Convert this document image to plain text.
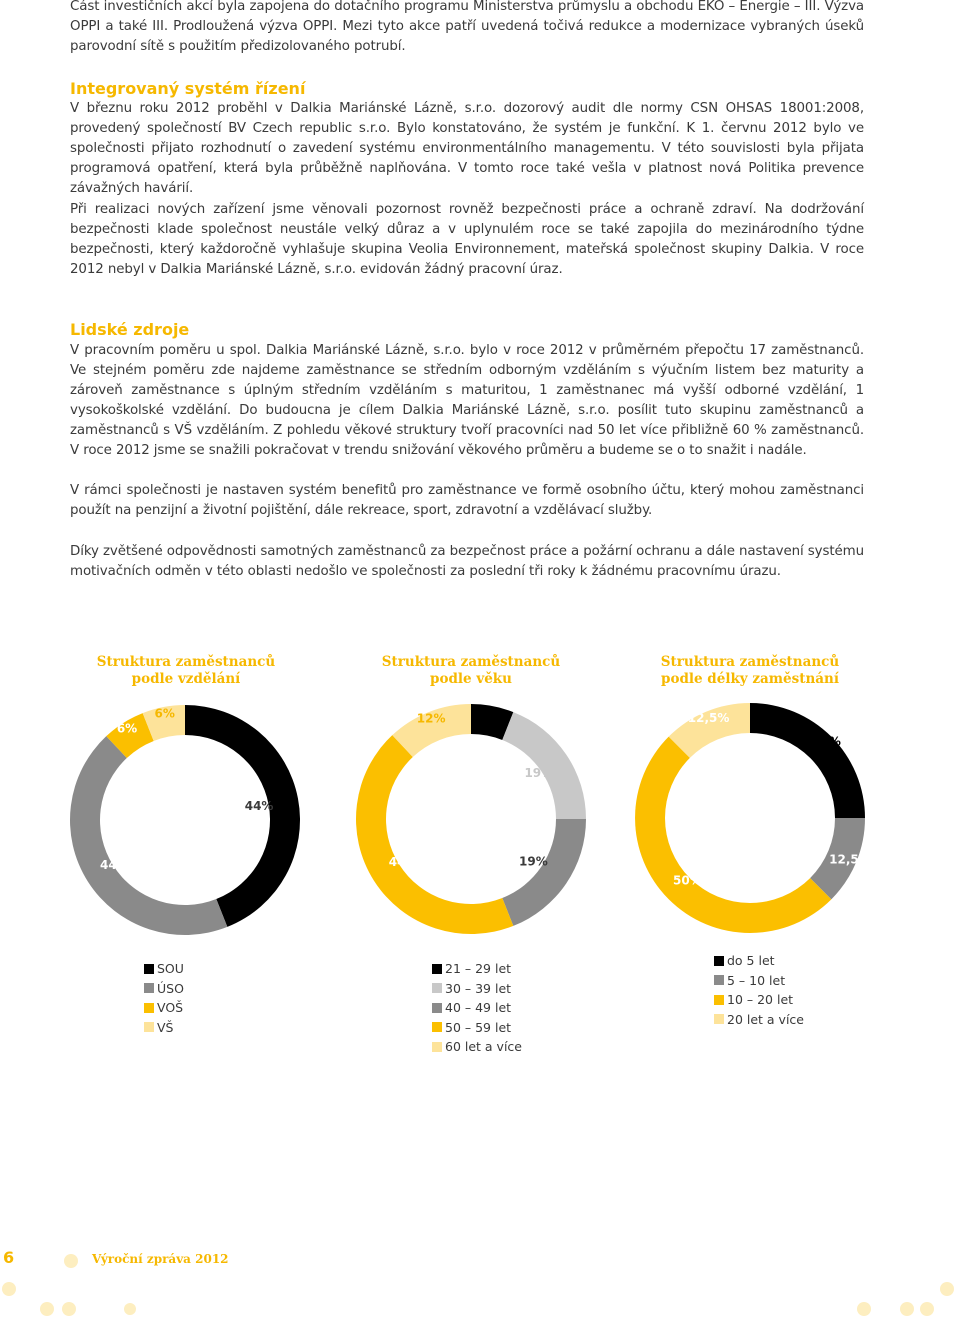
Část investičních akcí byla zapojena do dotačního programu Ministerstva průmyslu a obchodu EKO – Energie – III. Výzva OPPI a také III. Prodloužená výzva OPPI. Mezi tyto akce patří uvedená točivá redukce a modernizace vybraných úseků parovodní sítě s použitím předizolovaného potrubí.

Integrovaný systém řízení

V březnu roku 2012 proběhl v Dalkia Mariánské Lázně, s.r.o. dozorový audit dle normy CSN OHSAS 18001:2008, provedený společností BV Czech republic s.r.o. Bylo konstatováno, že systém je funkční. K 1. červnu 2012 bylo ve společnosti přijato rozhodnutí o zavedení systému environmentálního managementu. V této souvislosti byla přijata programová opatření, která byla průběžně naplňována. V tomto roce také vešla v platnost nová Politika prevence závažných havárií.

Při realizaci nových zařízení jsme věnovali pozornost rovněž bezpečnosti práce a ochraně zdraví. Na dodržování bezpečnosti klade společnost neustále velký důraz a v uplynulém roce se také zapojila do mezinárodního týdne bezpečnosti, který každoročně vyhlašuje skupina Veolia Environnement, mateřská společnost skupiny Dalkia. V roce 2012 nebyl v Dalkia Mariánské Lázně, s.r.o. evidován žádný pracovní úraz.

Lidské zdroje

V pracovním poměru u spol. Dalkia Mariánské Lázně, s.r.o. bylo v roce 2012 v průměrném přepočtu 17 zaměstnanců. Ve stejném poměru zde najdeme zaměstnance se středním odborným vzděláním s výučním listem bez maturity a zároveň zaměstnance s úplným středním vzděláním s maturitou, 1 zaměstnanec má vyšší odborné vzdělání, 1 vysokoškolské vzdělání. Do budoucna je cílem Dalkia Mariánské Lázně, s.r.o. posílit tuto skupinu zaměstnanců a zaměstnanců s VŠ vzděláním. Z pohledu věkové struktury tvoří pracovníci nad 50 let více přibližně 60 % zaměstnanců. V roce 2012 jsme se snažili pokračovat v trendu snižování věkového průměru a budeme se o to snažit i nadále.

V rámci společnosti je nastaven systém benefitů pro zaměstnance ve formě osobního účtu, který mohou zaměstnanci použít na penzijní a životní pojištění, dále rekreace, sport, zdravotní a vzdělávací služby.

Díky zvětšené odpovědnosti samotných zaměstnanců za bezpečnost práce a požární ochranu a dále nastavení systému motivačních odměn v této oblasti nedošlo ve společnosti za poslední tři roky k žádnému pracovnímu úrazu.

Struktura zaměstnanců
podle vzdělání
44%
44%
6%
6%
SOU
ÚSO
VOŠ
VŠ
Struktura zaměstnanců
podle věku
6%
19%
19%
44%
12%
21 – 29 let
30 – 39 let
40 – 49 let
50 – 59 let
60 let a více
Struktura zaměstnanců
podle délky zaměstnání
25%
12,5%
50%
12,5%
do 5 let
5 – 10 let
10 – 20 let
20 let a více
6	Výroční zpráva 2012
